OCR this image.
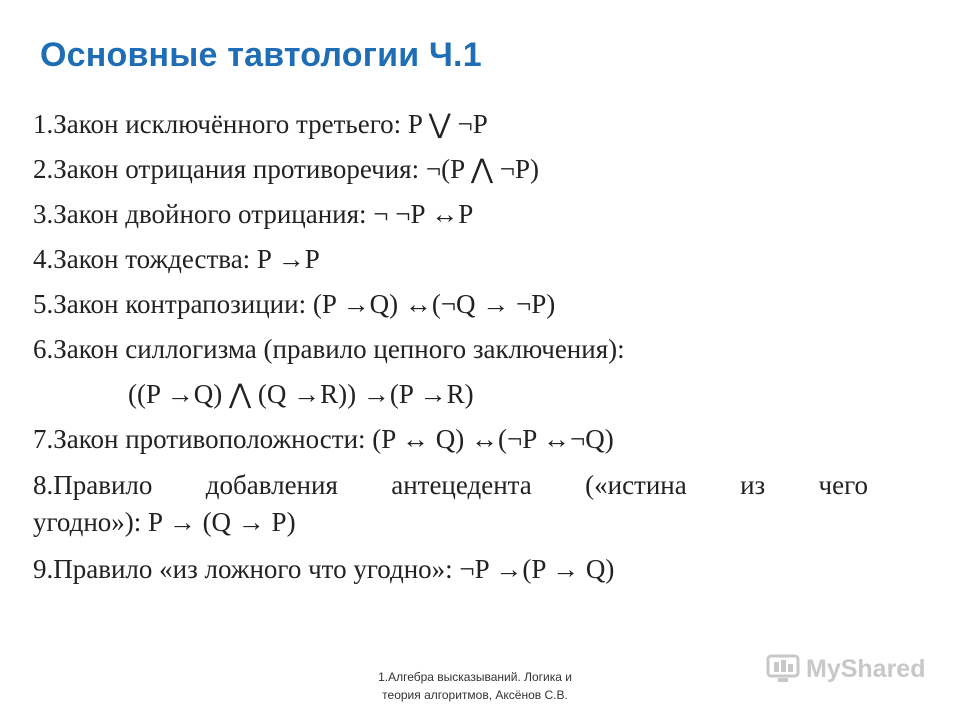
Основные тавтологии Ч.1
1.Закон исключённого третьего: P ⋁ ¬P
2.Закон отрицания противоречия: ¬(P ⋀ ¬P)
3.Закон двойного отрицания: ¬ ¬P ↔P
4.Закон тождества: P →P
5.Закон контрапозиции: (P →Q) ↔(¬Q → ¬P)
6.Закон силлогизма (правило цепного заключения):
((P →Q) ⋀ (Q →R)) →(P →R)
7.Закон противоположности: (P ↔ Q) ↔(¬P ↔¬Q)
8.Правило добавления антецедента («истина из чего
угодно»): P → (Q → P)
9.Правило «из ложного что угодно»: ¬P →(P → Q)
1.Алгебра высказываний. Логика и
теория алгоритмов, Аксёнов С.В.
MyShared
